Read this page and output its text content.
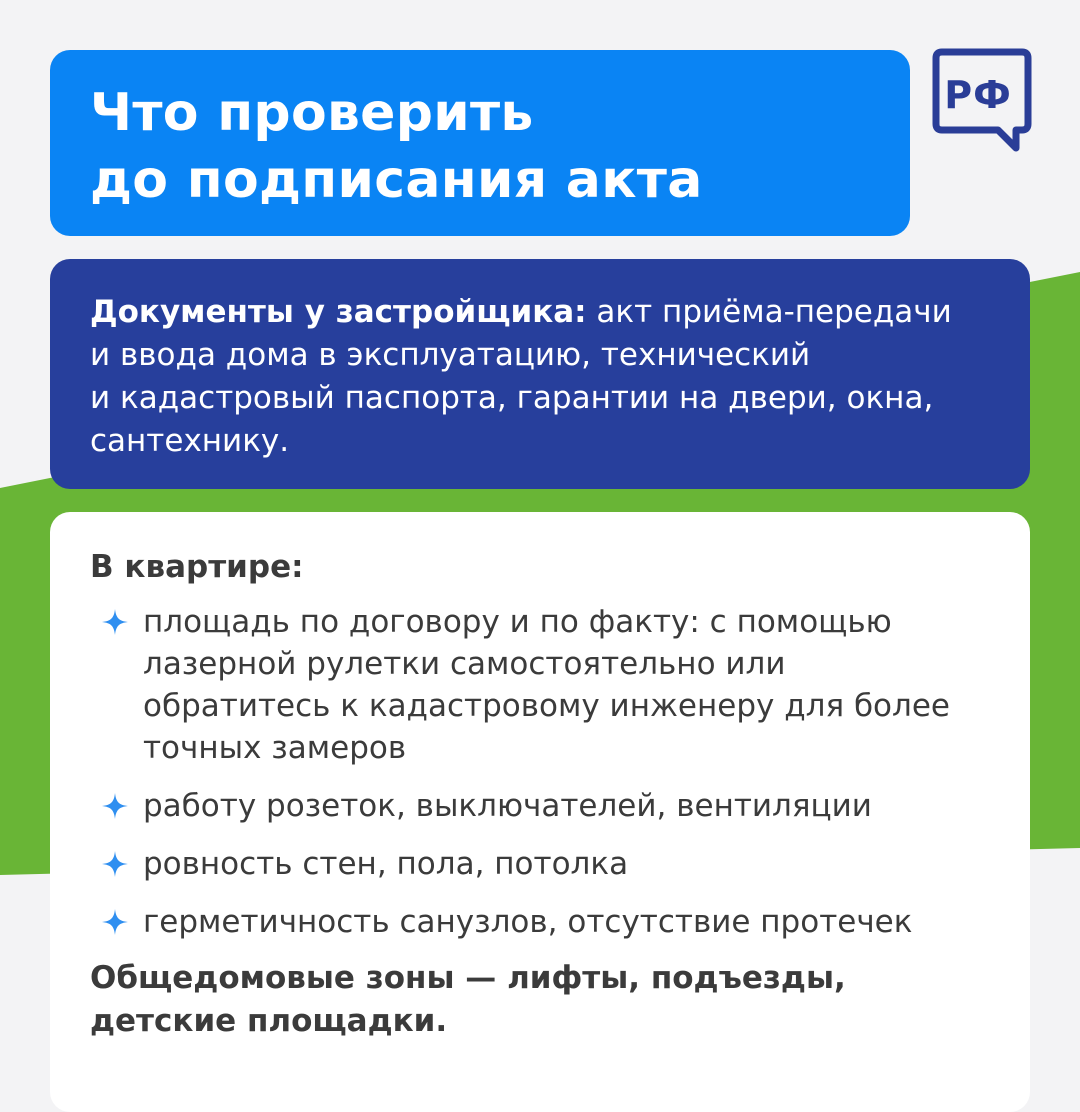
Что проверить
до подписания акта
РФ
Документы у застройщика: акт приёма-передачи
и ввода дома в эксплуатацию, технический
и кадастровый паспорта, гарантии на двери, окна,
сантехнику.
В квартире:
площадь по договору и по факту: с помощью
лазерной рулетки самостоятельно или
обратитесь к кадастровому инженеру для более
точных замеров
работу розеток, выключателей, вентиляции
ровность стен, пола, потолка
герметичность санузлов, отсутствие протечек
Общедомовые зоны — лифты, подъезды,
детские площадки.
